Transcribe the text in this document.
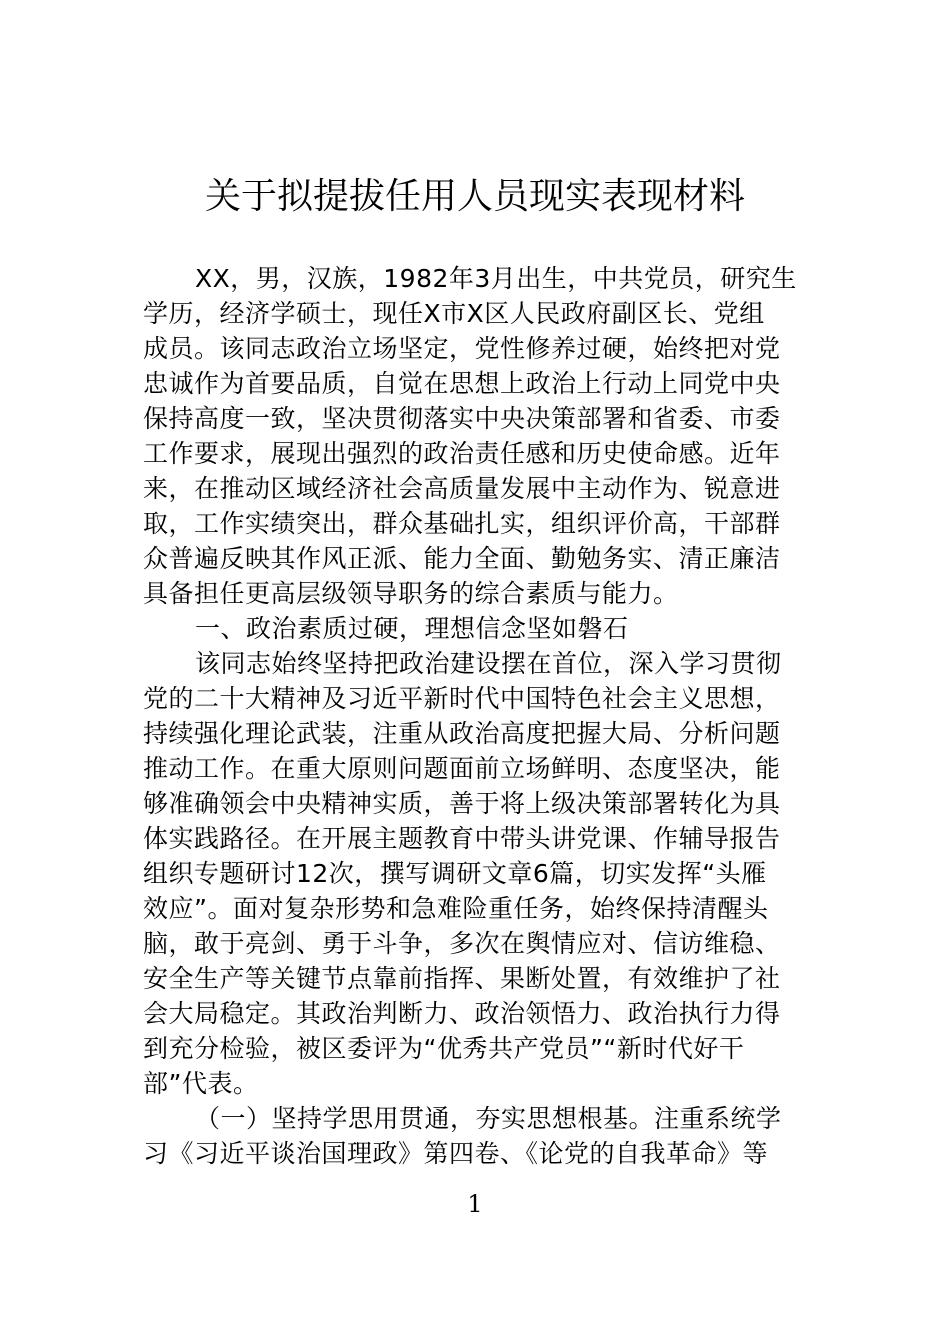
关于拟提拔任用人员现实表现材料
XX，男，汉族，1982年3月出生，中共党员，研究生
学历，经济学硕士，现任X市X区人民政府副区长、党组
成员。该同志政治立场坚定，党性修养过硬，始终把对党
忠诚作为首要品质，自觉在思想上政治上行动上同党中央
保持高度一致，坚决贯彻落实中央决策部署和省委、市委
工作要求，展现出强烈的政治责任感和历史使命感。近年
来，在推动区域经济社会高质量发展中主动作为、锐意进
取，工作实绩突出，群众基础扎实，组织评价高，干部群
众普遍反映其作风正派、能力全面、勤勉务实、清正廉洁
具备担任更高层级领导职务的综合素质与能力。
一、政治素质过硬，理想信念坚如磐石
该同志始终坚持把政治建设摆在首位，深入学习贯彻
党的二十大精神及习近平新时代中国特色社会主义思想，
持续强化理论武装，注重从政治高度把握大局、分析问题
推动工作。在重大原则问题面前立场鲜明、态度坚决，能
够准确领会中央精神实质，善于将上级决策部署转化为具
体实践路径。在开展主题教育中带头讲党课、作辅导报告
组织专题研讨12次，撰写调研文章6篇，切实发挥“头雁
效应”。面对复杂形势和急难险重任务，始终保持清醒头
脑，敢于亮剑、勇于斗争，多次在舆情应对、信访维稳、
安全生产等关键节点靠前指挥、果断处置，有效维护了社
会大局稳定。其政治判断力、政治领悟力、政治执行力得
到充分检验，被区委评为“优秀共产党员”“新时代好干
部”代表。
（一）坚持学思用贯通，夯实思想根基。注重系统学
习《习近平谈治国理政》第四卷、《论党的自我革命》等
1
